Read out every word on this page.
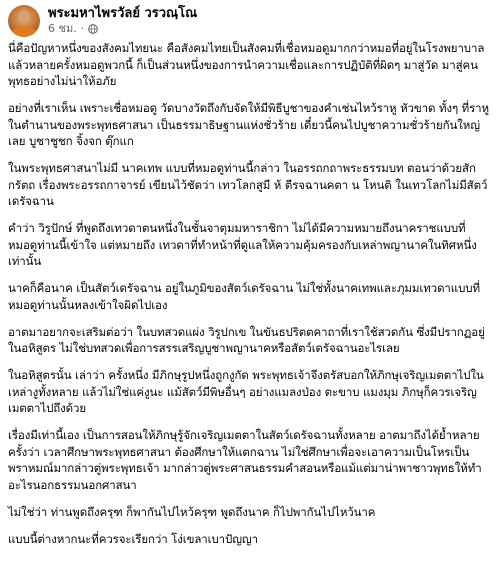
พระมหาไพรวัลย์ วรวณฺโณ
6 ชม. ·

นี่คือปัญหาหนึ่งของสังคมไทยนะ คือสังคมไทยเป็นสังคมที่เชื่อหมอดูมากกว่าหมอที่อยู่ในโรงพยาบาล แล้วหลายครั้งหมอดูพวกนี้ ก็เป็นส่วนหนึ่งของการนำความเชื่อและการปฏิบัติที่ผิดๆ มาสู่วัด มาสู่คนพุทธอย่างไม่น่าให้อภัย

อย่างที่เราเห็น เพราะเชื่อหมอดู วัดบางวัดถึงกับจัดให้มีพิธีบูชาของคำเช่นไหว้ราหู หัวขาด ทั้งๆ ที่ราหูในตำนานของพระพุทธศาสนา เป็นธรรมาธิษฐานแห่งชั่วร้าย เดี๋ยวนี้คนไปบูชาความชั่วร้ายกันใหญ่เลย บูชาชูชก จิ้งจก ตุ๊กแก

ในพระพุทธศาสนาไม่มี นาคเทพ แบบที่หมอดูท่านนี้กล่าว ในอรรถกถาพระธรรมบท ตอนว่าด้วยสักกรัตถ เรื่องพระอรรถกาจารย์ เขียนไว้ชัดว่า เทวโลกสูมี ห้ ตีรจฉานคตา น โหนติ ในเทวโลกไม่มีสัตว์เดรัจฉาน

คำว่า วิรูปักษ์ ที่พูดถึงเทวดาตนหนึ่งในชั้นจาตุมมหาราชิกา ไม่ได้มีความหมายถึงนาคราชแบบที่หมอดูท่านนี้เข้าใจ แต่หมายถึง เทวดาที่ทำหน้าที่ดูแลให้ความคุ้มครองกับเหล่าพญานาคในทิศหนึ่งเท่านั้น

นาคก็คือนาค เป็นสัตว์เดรัจฉาน อยู่ในภูมิของสัตว์เดรัจฉาน ไม่ใช่ทั้งนาคเทพและภุมมเทวดาแบบที่หมอดูท่านนั้นหลงเข้าใจผิดไปเอง

อาตมาอยากจะเสริมต่อว่า ในบทสวดแผ่ง วิรูปกเข ในขันธปริตตคาถาที่เราใช้สวดกัน ซึ่งมีปรากฏอยู่ในอหิสูตร ไม่ใช่บทสวดเพื่อการสรรเสริญบูชาพญานาคหรือสัตว์เดรัจฉานอะไรเลย

ในอหิสูตรนั้น เล่าว่า ครั้งหนึ่ง มีภิกษุรูปหนึ่งถูกงูกัด พระพุทธเจ้าจึงตรัสบอกให้ภิกษุเจริญเมตตาไปในเหล่างูทั้งหลาย แล้วไม่ใช่แค่งูนะ แม้สัตว์มีพิษอื่นๆ อย่างแมลงป่อง ตะขาบ แมงมุม ภิกษุก็ควรเจริญเมตตาไปถึงด้วย

เรื่องมีเท่านี้เอง เป็นการสอนให้ภิกษุรู้จักเจริญเมตตาในสัตว์เดรัจฉานทั้งหลาย อาตมาถึงได้ย้ำหลายครั้งว่า เวลาศึกษาพระพุทธศาสนา ต้องศึกษาให้แตกฉาน ไม่ใช่ศึกษาเพื่อจะเอาความเป็นโหรเป็นพราหมณ์มากล่าวตู่พระพุทธเจ้า มากล่าวตู่พระศาสนธรรมคำสอนหรือแม้แต่มาน่าพาชาวพุทธให้ทำอะไรนอกธรรมนอกศาสนา

ไม่ใช่ว่า ท่านพูดถึงครุฑ ก็พากันไปไหว้ครุฑ พูดถึงนาค ก็ไปพากันไปไหว้นาค

แบบนี้ต่างหากนะที่ควรจะเรียกว่า โง่เขลาเบาปัญญา
